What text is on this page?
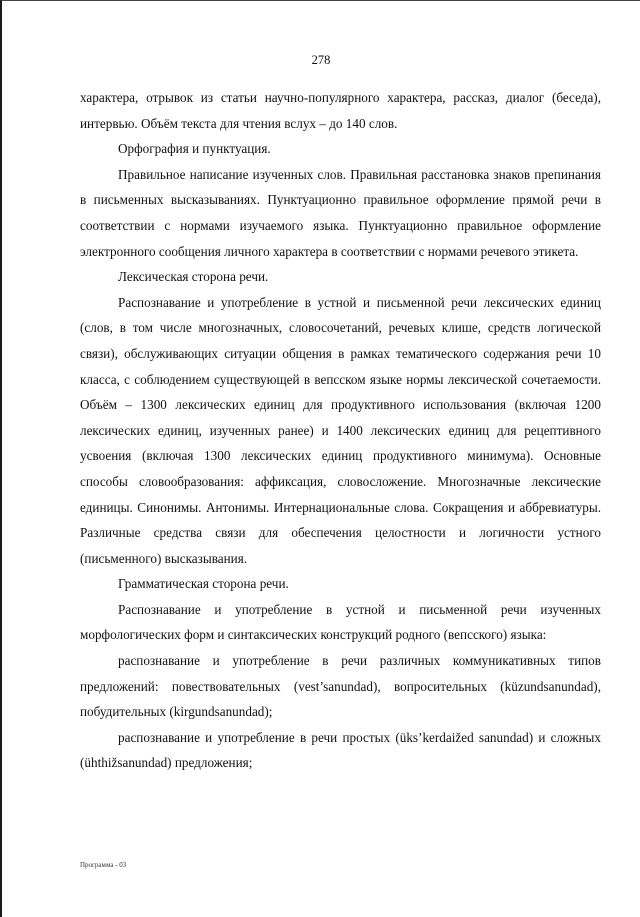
278

характера, отрывок из статьи научно-популярного характера, рассказ, диалог (беседа), интервью. Объём текста для чтения вслух – до 140 слов.

Орфография и пунктуация.

Правильное написание изученных слов. Правильная расстановка знаков препинания в письменных высказываниях. Пунктуационно правильное оформление прямой речи в соответствии с нормами изучаемого языка. Пунктуационно правильное оформление электронного сообщения личного характера в соответствии с нормами речевого этикета.

Лексическая сторона речи.

Распознавание и употребление в устной и письменной речи лексических единиц (слов, в том числе многозначных, словосочетаний, речевых клише, средств логической связи), обслуживающих ситуации общения в рамках тематического содержания речи 10 класса, с соблюдением существующей в вепсском языке нормы лексической сочетаемости. Объём – 1300 лексических единиц для продуктивного использования (включая 1200 лексических единиц, изученных ранее) и 1400 лексических единиц для рецептивного усвоения (включая 1300 лексических единиц продуктивного минимума). Основные способы словообразования: аффиксация, словосложение. Многозначные лексические единицы. Синонимы. Антонимы. Интернациональные слова. Сокращения и аббревиатуры. Различные средства связи для обеспечения целостности и логичности устного (письменного) высказывания.

Грамматическая сторона речи.

Распознавание и употребление в устной и письменной речи изученных морфологических форм и синтаксических конструкций родного (вепсского) языка:

распознавание и употребление в речи различных коммуникативных типов предложений: повествовательных (vest’sanundad), вопросительных (küzundsanundad), побудительных (kirgundsanundad);

распознавание и употребление в речи простых (üks’kerdaižed sanundad) и сложных (ühthižsanundad) предложения;

Программа - 03
